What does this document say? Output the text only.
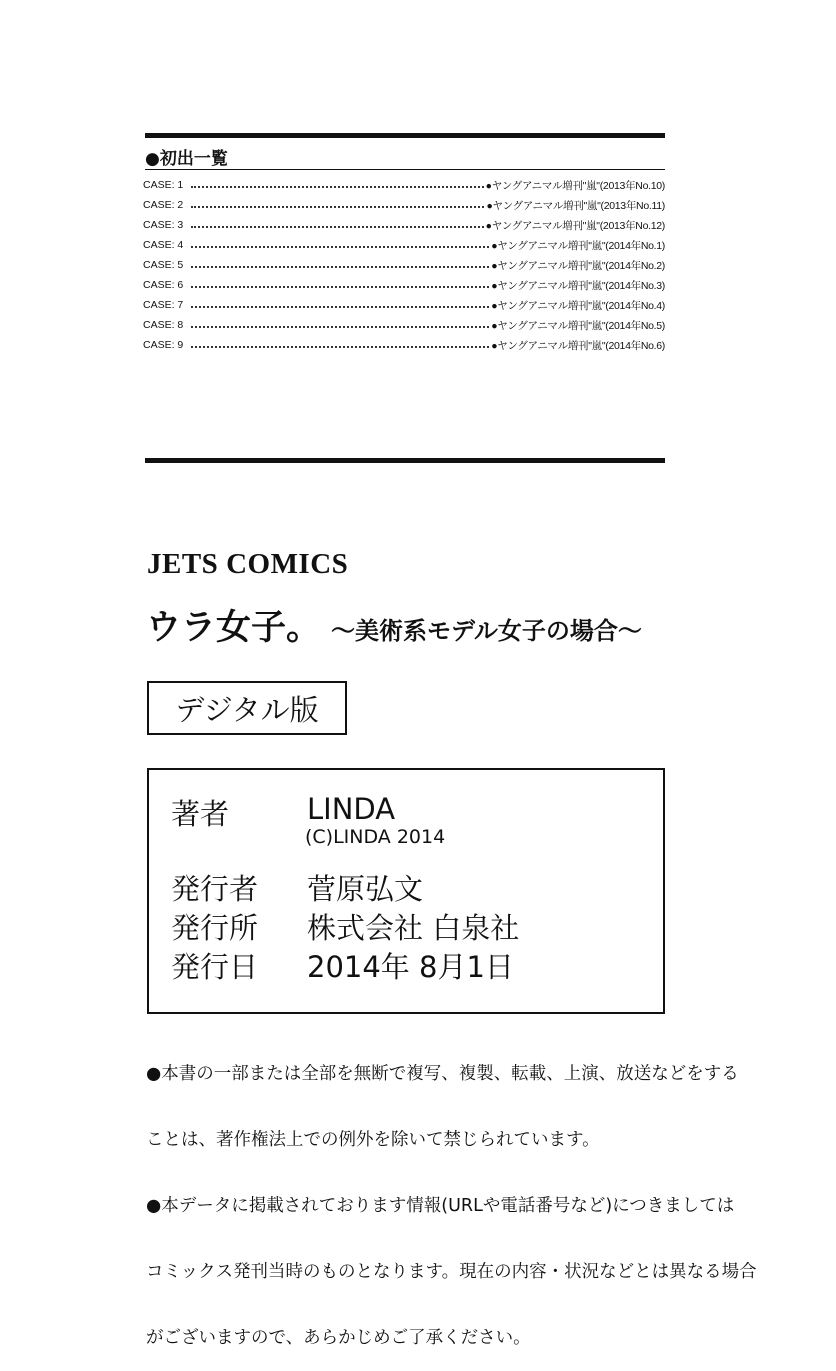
●初出一覧
CASE: 1	●ヤングアニマル増刊"嵐"(2013年No.10)
CASE: 2	●ヤングアニマル増刊"嵐"(2013年No.11)
CASE: 3	●ヤングアニマル増刊"嵐"(2013年No.12)
CASE: 4	●ヤングアニマル増刊"嵐"(2014年No.1)
CASE: 5	●ヤングアニマル増刊"嵐"(2014年No.2)
CASE: 6	●ヤングアニマル増刊"嵐"(2014年No.3)
CASE: 7	●ヤングアニマル増刊"嵐"(2014年No.4)
CASE: 8	●ヤングアニマル増刊"嵐"(2014年No.5)
CASE: 9	●ヤングアニマル増刊"嵐"(2014年No.6)
JETS COMICS
ウラ女子。 ～美術系モデル女子の場合～
デジタル版
著者	LINDA
(C)LINDA 2014
発行者 菅原弘文
発行所 株式会社 白泉社
発行日 2014年 8月1日

●本書の一部または全部を無断で複写、複製、転載、上演、放送などをする

ことは、著作権法上での例外を除いて禁じられています。

●本データに掲載されております情報(URLや電話番号など)につきましては

コミックス発刊当時のものとなります。現在の内容・状況などとは異なる場合

がございますので、あらかじめご了承ください。
